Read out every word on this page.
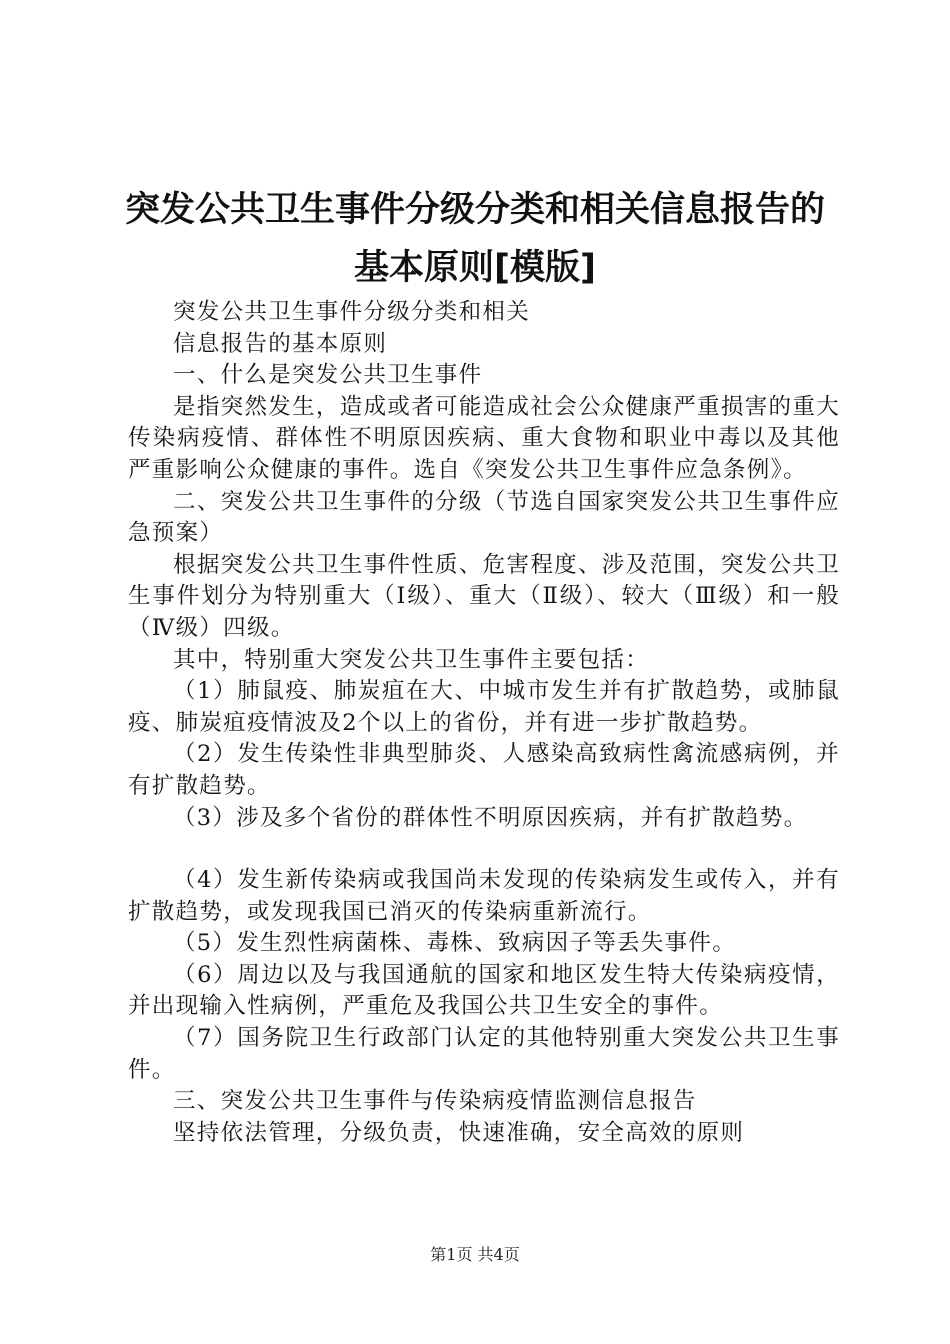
突发公共卫生事件分级分类和相关信息报告的
基本原则[模版]

突发公共卫生事件分级分类和相关

信息报告的基本原则

一、什么是突发公共卫生事件

是指突然发生，造成或者可能造成社会公众健康严重损害的重大传染病疫情、群体性不明原因疾病、重大食物和职业中毒以及其他严重影响公众健康的事件。选自《突发公共卫生事件应急条例》。

二、突发公共卫生事件的分级（节选自国家突发公共卫生事件应急预案）

根据突发公共卫生事件性质、危害程度、涉及范围，突发公共卫生事件划分为特别重大（Ⅰ级）、重大（Ⅱ级）、较大（Ⅲ级）和一般（Ⅳ级）四级。

其中，特别重大突发公共卫生事件主要包括：

（1）肺鼠疫、肺炭疽在大、中城市发生并有扩散趋势，或肺鼠疫、肺炭疽疫情波及2个以上的省份，并有进一步扩散趋势。

（2）发生传染性非典型肺炎、人感染高致病性禽流感病例，并有扩散趋势。

（3）涉及多个省份的群体性不明原因疾病，并有扩散趋势。

（4）发生新传染病或我国尚未发现的传染病发生或传入，并有扩散趋势，或发现我国已消灭的传染病重新流行。

（5）发生烈性病菌株、毒株、致病因子等丢失事件。

（6）周边以及与我国通航的国家和地区发生特大传染病疫情，并出现输入性病例，严重危及我国公共卫生安全的事件。

（7）国务院卫生行政部门认定的其他特别重大突发公共卫生事件。

三、突发公共卫生事件与传染病疫情监测信息报告

坚持依法管理，分级负责，快速准确，安全高效的原则

第1页 共4页
